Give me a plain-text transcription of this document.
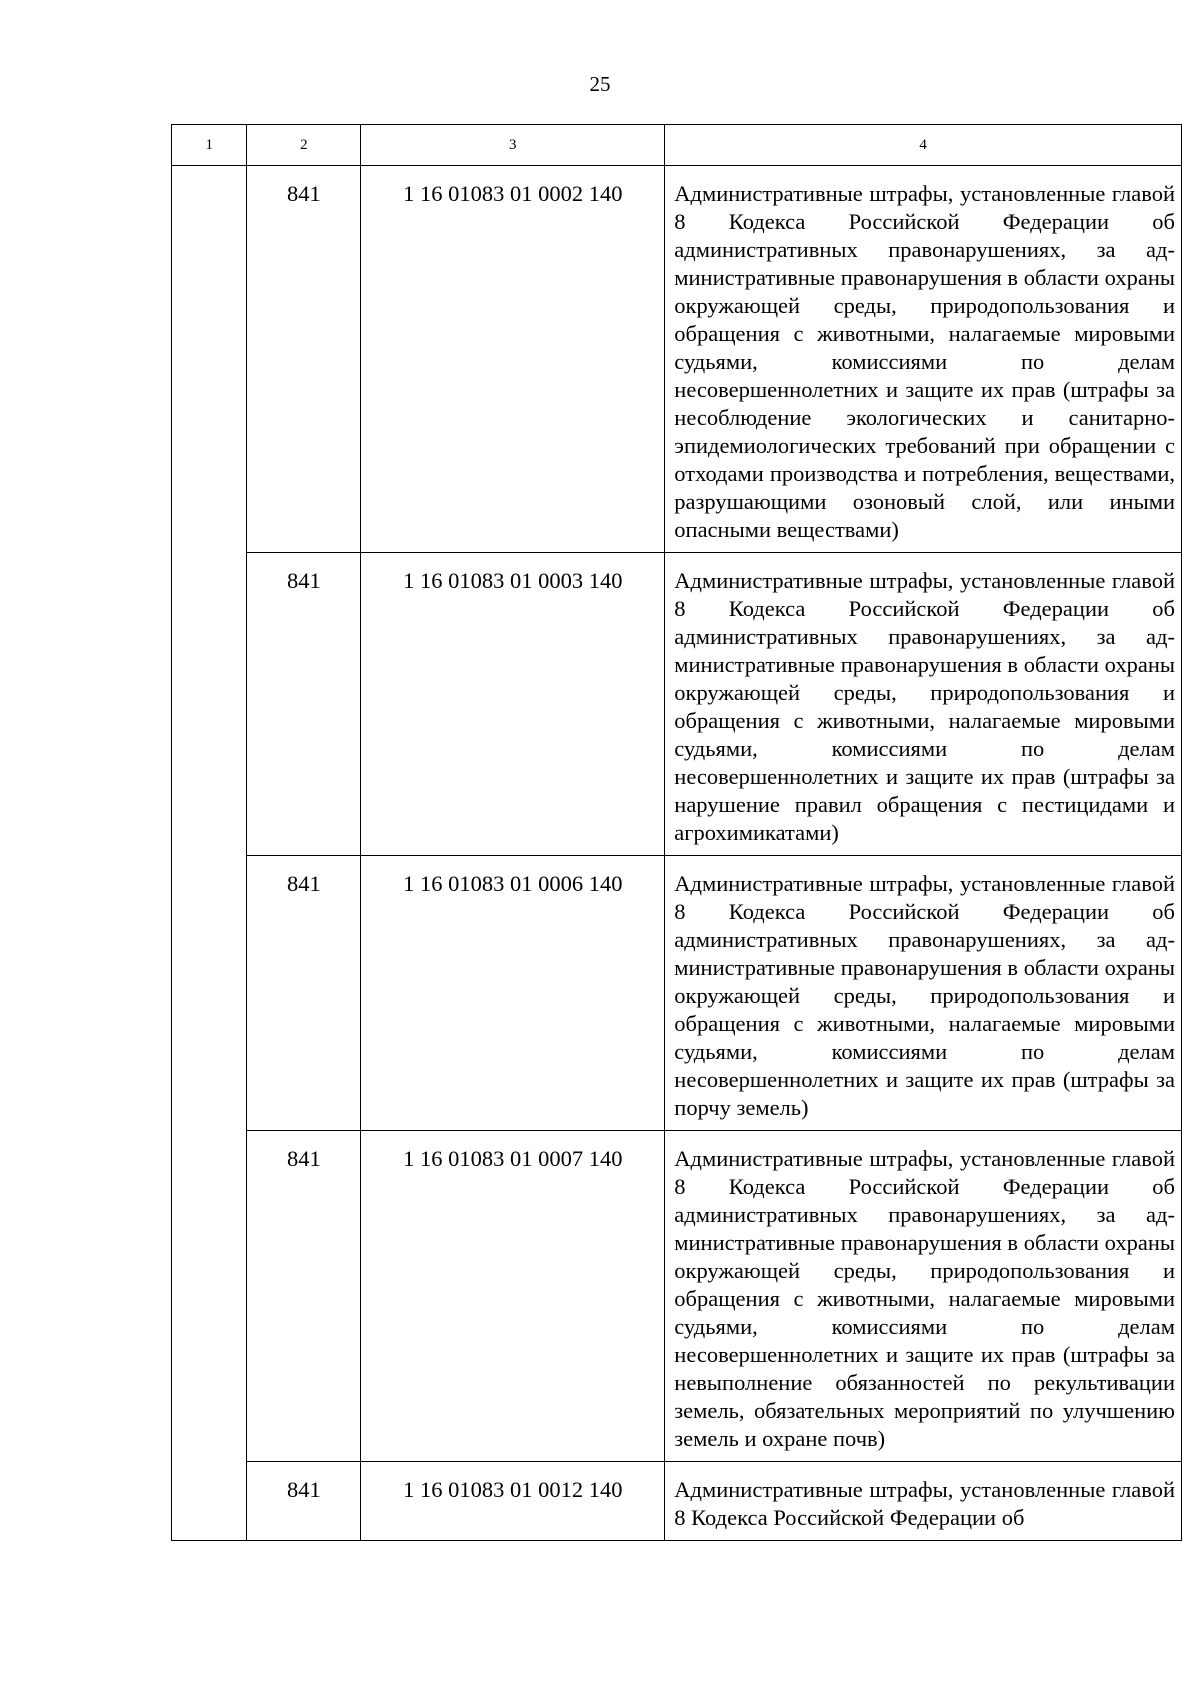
25
1	2	3	4
	841	1 16 01083 01 0002 140	Административные штрафы, установленные главой 8 Кодекса Российской Федерации об административных правонарушениях, за административные правонарушения в области охраны окружающей среды, природопользования и обращения с животными, налагаемые мировыми судьями, комиссиями по делам несовершеннолетних и защите их прав (штрафы за несоблюдение экологических и санитарно-эпидемиологических требований при обращении с отходами производства и потребления, веществами, разрушающими озоновый слой, или иными опасными веществами)
	841	1 16 01083 01 0003 140	Административные штрафы, установленные главой 8 Кодекса Российской Федерации об административных правонарушениях, за административные правонарушения в области охраны окружающей среды, природопользования и обращения с животными, налагаемые мировыми судьями, комиссиями по делам несовершеннолетних и защите их прав (штрафы за нарушение правил обращения с пестицидами и агрохимикатами)
	841	1 16 01083 01 0006 140	Административные штрафы, установленные главой 8 Кодекса Российской Федерации об административных правонарушениях, за административные правонарушения в области охраны окружающей среды, природопользования и обращения с животными, налагаемые мировыми судьями, комиссиями по делам несовершеннолетних и защите их прав (штрафы за порчу земель)
	841	1 16 01083 01 0007 140	Административные штрафы, установленные главой 8 Кодекса Российской Федерации об административных правонарушениях, за административные правонарушения в области охраны окружающей среды, природопользования и обращения с животными, налагаемые мировыми судьями, комиссиями по делам несовершеннолетних и защите их прав (штрафы за невыполнение обязанностей по рекультивации земель, обязательных мероприятий по улучшению земель и охране почв)
	841	1 16 01083 01 0012 140	Административные штрафы, установленные главой 8 Кодекса Российской Федерации об
